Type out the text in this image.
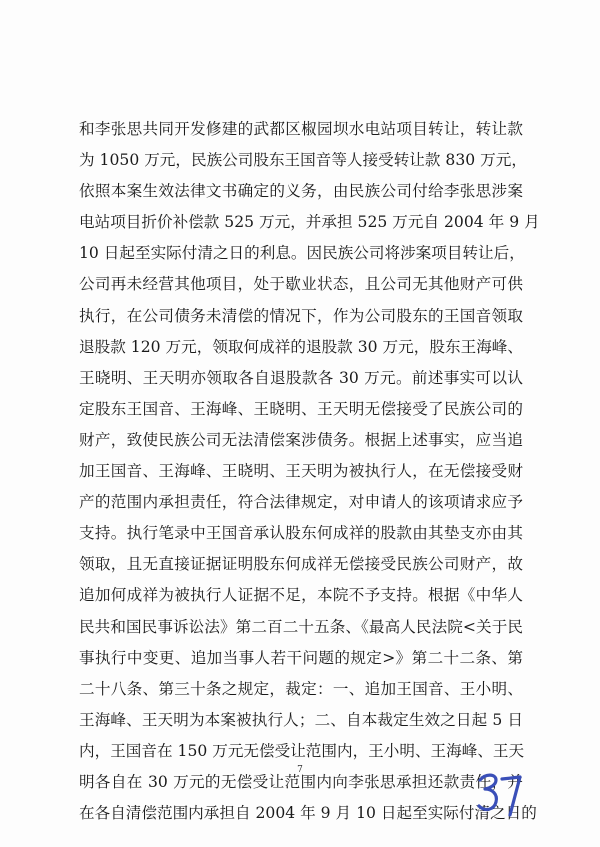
和李张思共同开发修建的武都区椒园坝水电站项目转让，转让款
为 1050 万元，民族公司股东王国音等人接受转让款 830 万元，
依照本案生效法律文书确定的义务，由民族公司付给李张思涉案
电站项目折价补偿款 525 万元，并承担 525 万元自 2004 年 9 月
10 日起至实际付清之日的利息。因民族公司将涉案项目转让后，
公司再未经营其他项目，处于歇业状态，且公司无其他财产可供
执行，在公司债务未清偿的情况下，作为公司股东的王国音领取
退股款 120 万元，领取何成祥的退股款 30 万元，股东王海峰、
王晓明、王天明亦领取各自退股款各 30 万元。前述事实可以认
定股东王国音、王海峰、王晓明、王天明无偿接受了民族公司的
财产，致使民族公司无法清偿案涉债务。根据上述事实，应当追
加王国音、王海峰、王晓明、王天明为被执行人，在无偿接受财
产的范围内承担责任，符合法律规定，对申请人的该项请求应予
支持。执行笔录中王国音承认股东何成祥的股款由其垫支亦由其
领取，且无直接证据证明股东何成祥无偿接受民族公司财产，故
追加何成祥为被执行人证据不足，本院不予支持。根据《中华人
民共和国民事诉讼法》第二百二十五条、《最高人民法院<关于民
事执行中变更、追加当事人若干问题的规定>》第二十二条、第
二十八条、第三十条之规定，裁定：一、追加王国音、王小明、
王海峰、王天明为本案被执行人；二、自本裁定生效之日起 5 日
内，王国音在 150 万元无偿受让范围内，王小明、王海峰、王天
明各自在 30 万元的无偿受让范围内向李张思承担还款责任，并
在各自清偿范围内承担自 2004 年 9 月 10 日起至实际付清之日的
7
